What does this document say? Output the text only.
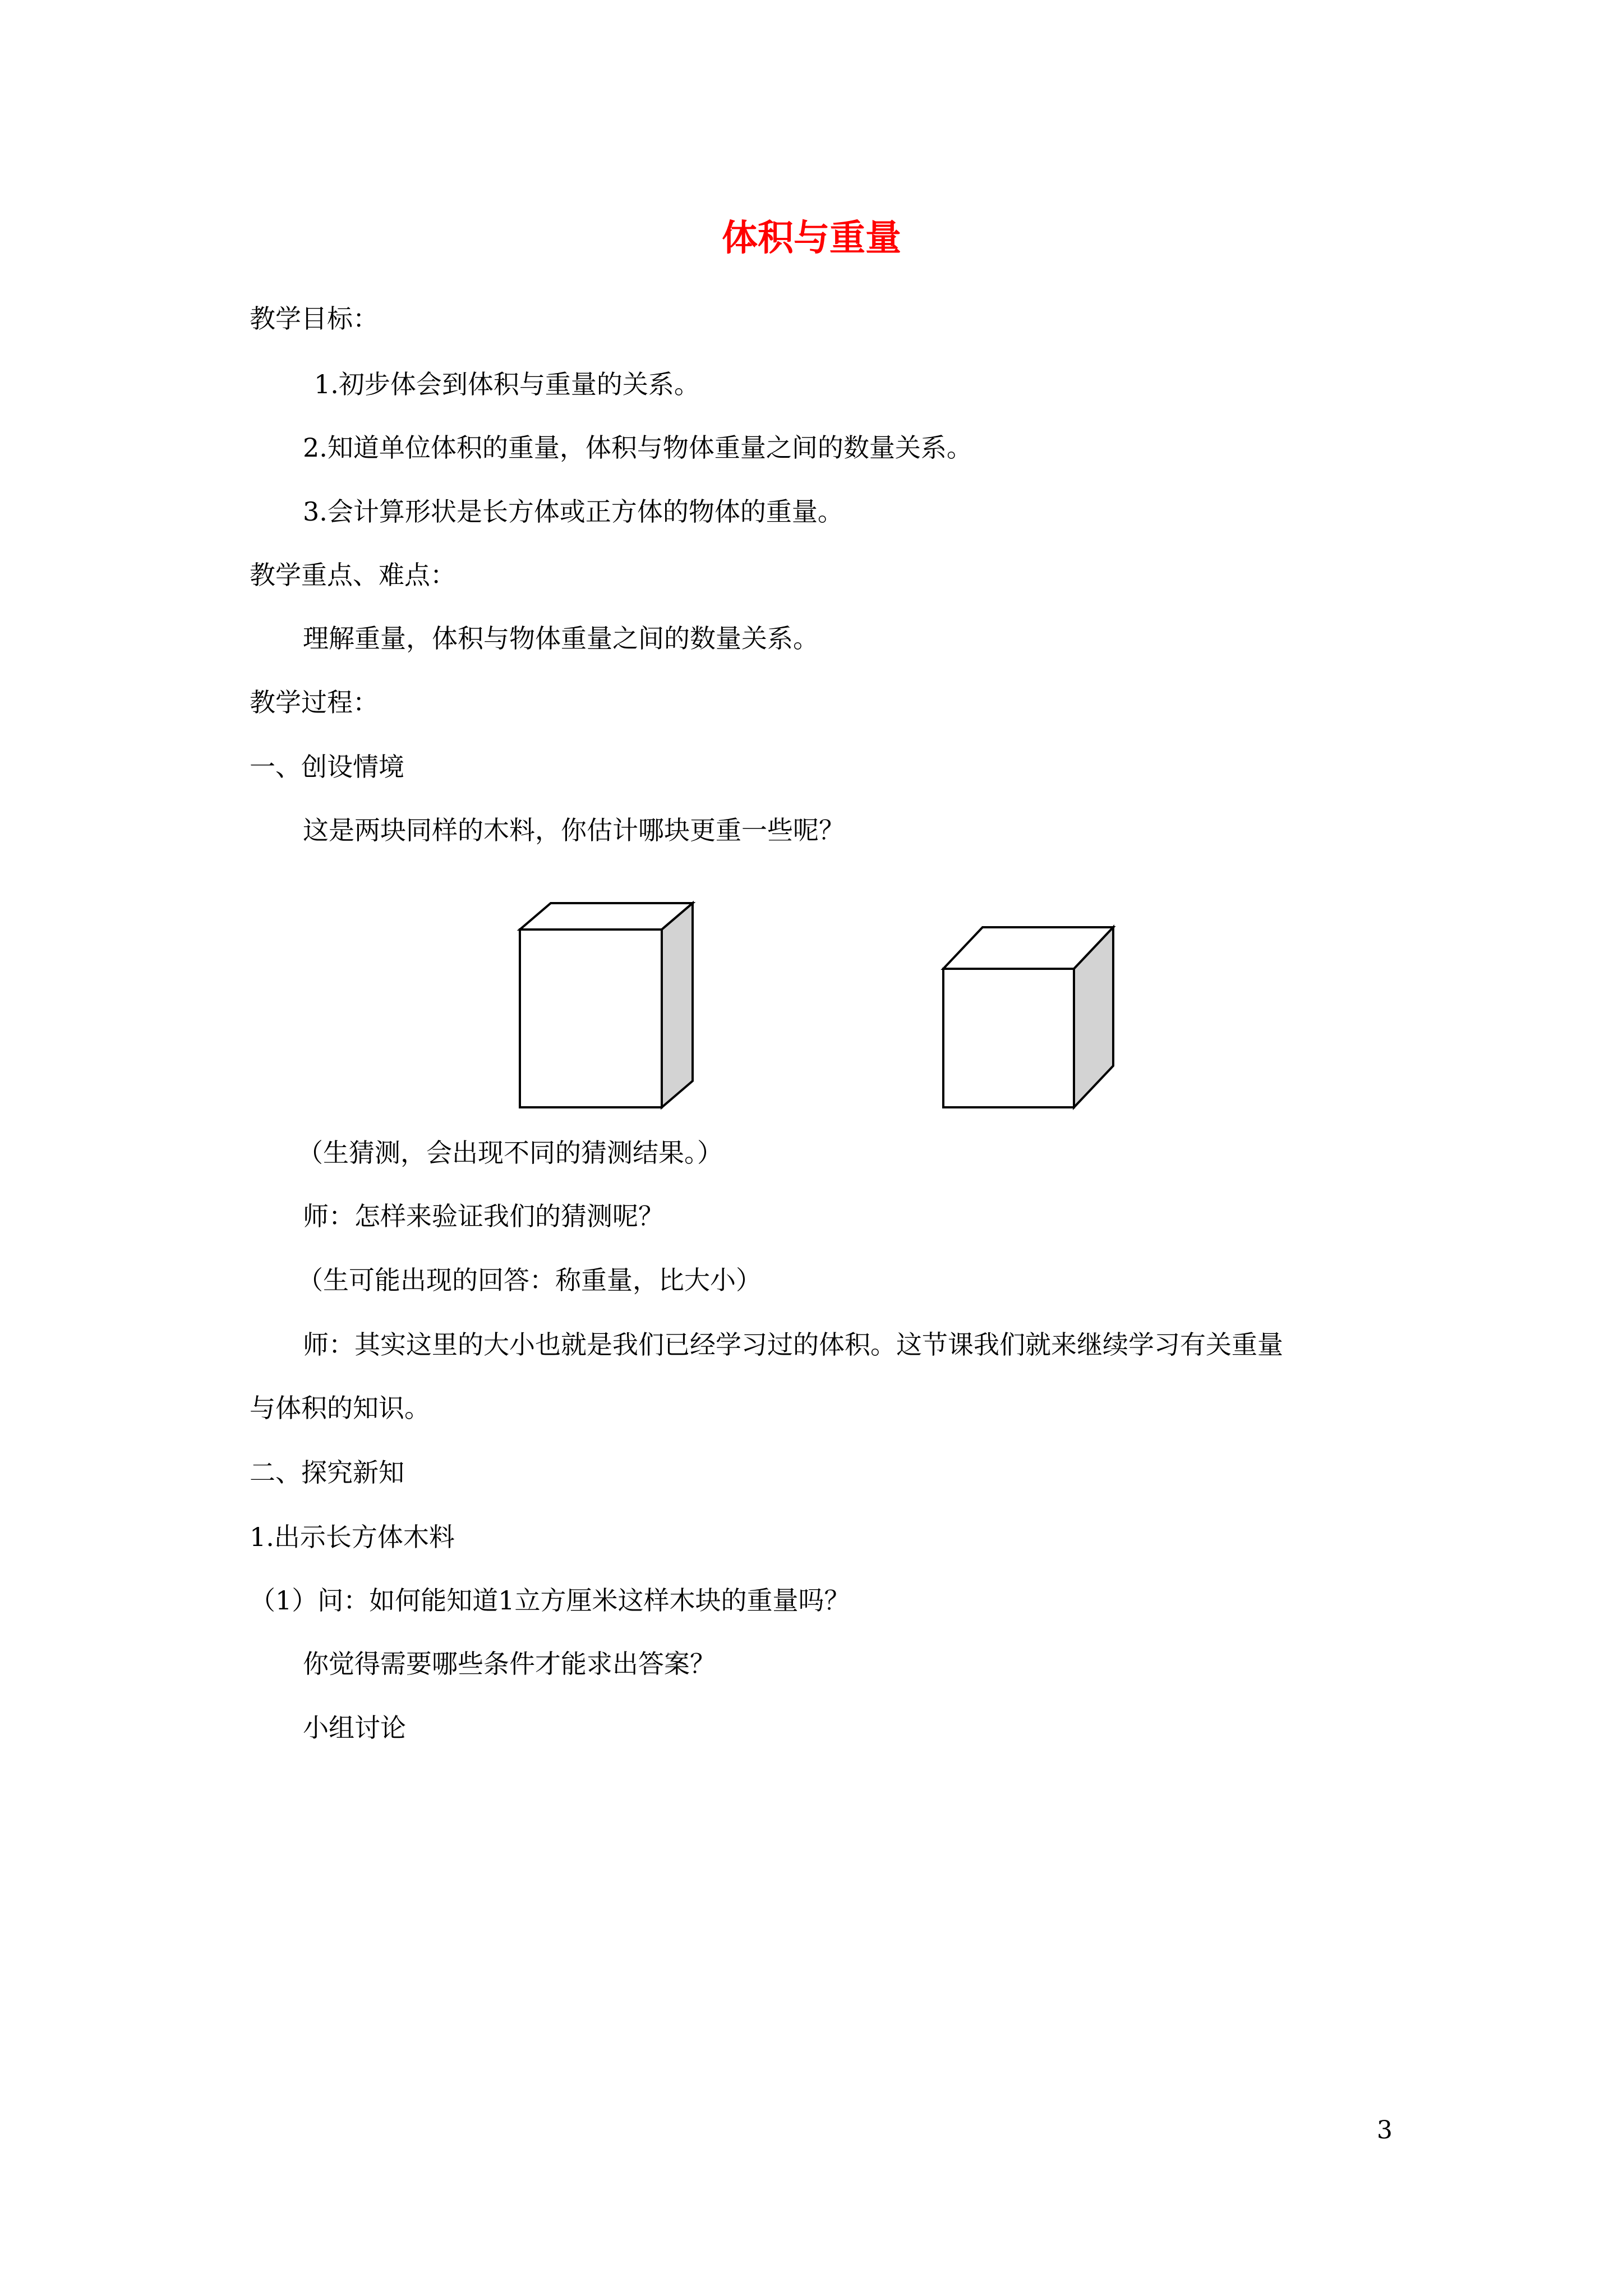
体积与重量
教学目标：
1.初步体会到体积与重量的关系。
2.知道单位体积的重量，体积与物体重量之间的数量关系。
3.会计算形状是长方体或正方体的物体的重量。
教学重点、难点：
理解重量，体积与物体重量之间的数量关系。
教学过程：
一、创设情境
这是两块同样的木料，你估计哪块更重一些呢？
（生猜测，会出现不同的猜测结果。）
师：怎样来验证我们的猜测呢？
（生可能出现的回答：称重量，比大小）
师：其实这里的大小也就是我们已经学习过的体积。这节课我们就来继续学习有关重量
与体积的知识。
二、探究新知
1.出示长方体木料
（1）问：如何能知道1立方厘米这样木块的重量吗？
你觉得需要哪些条件才能求出答案？
小组讨论
3
